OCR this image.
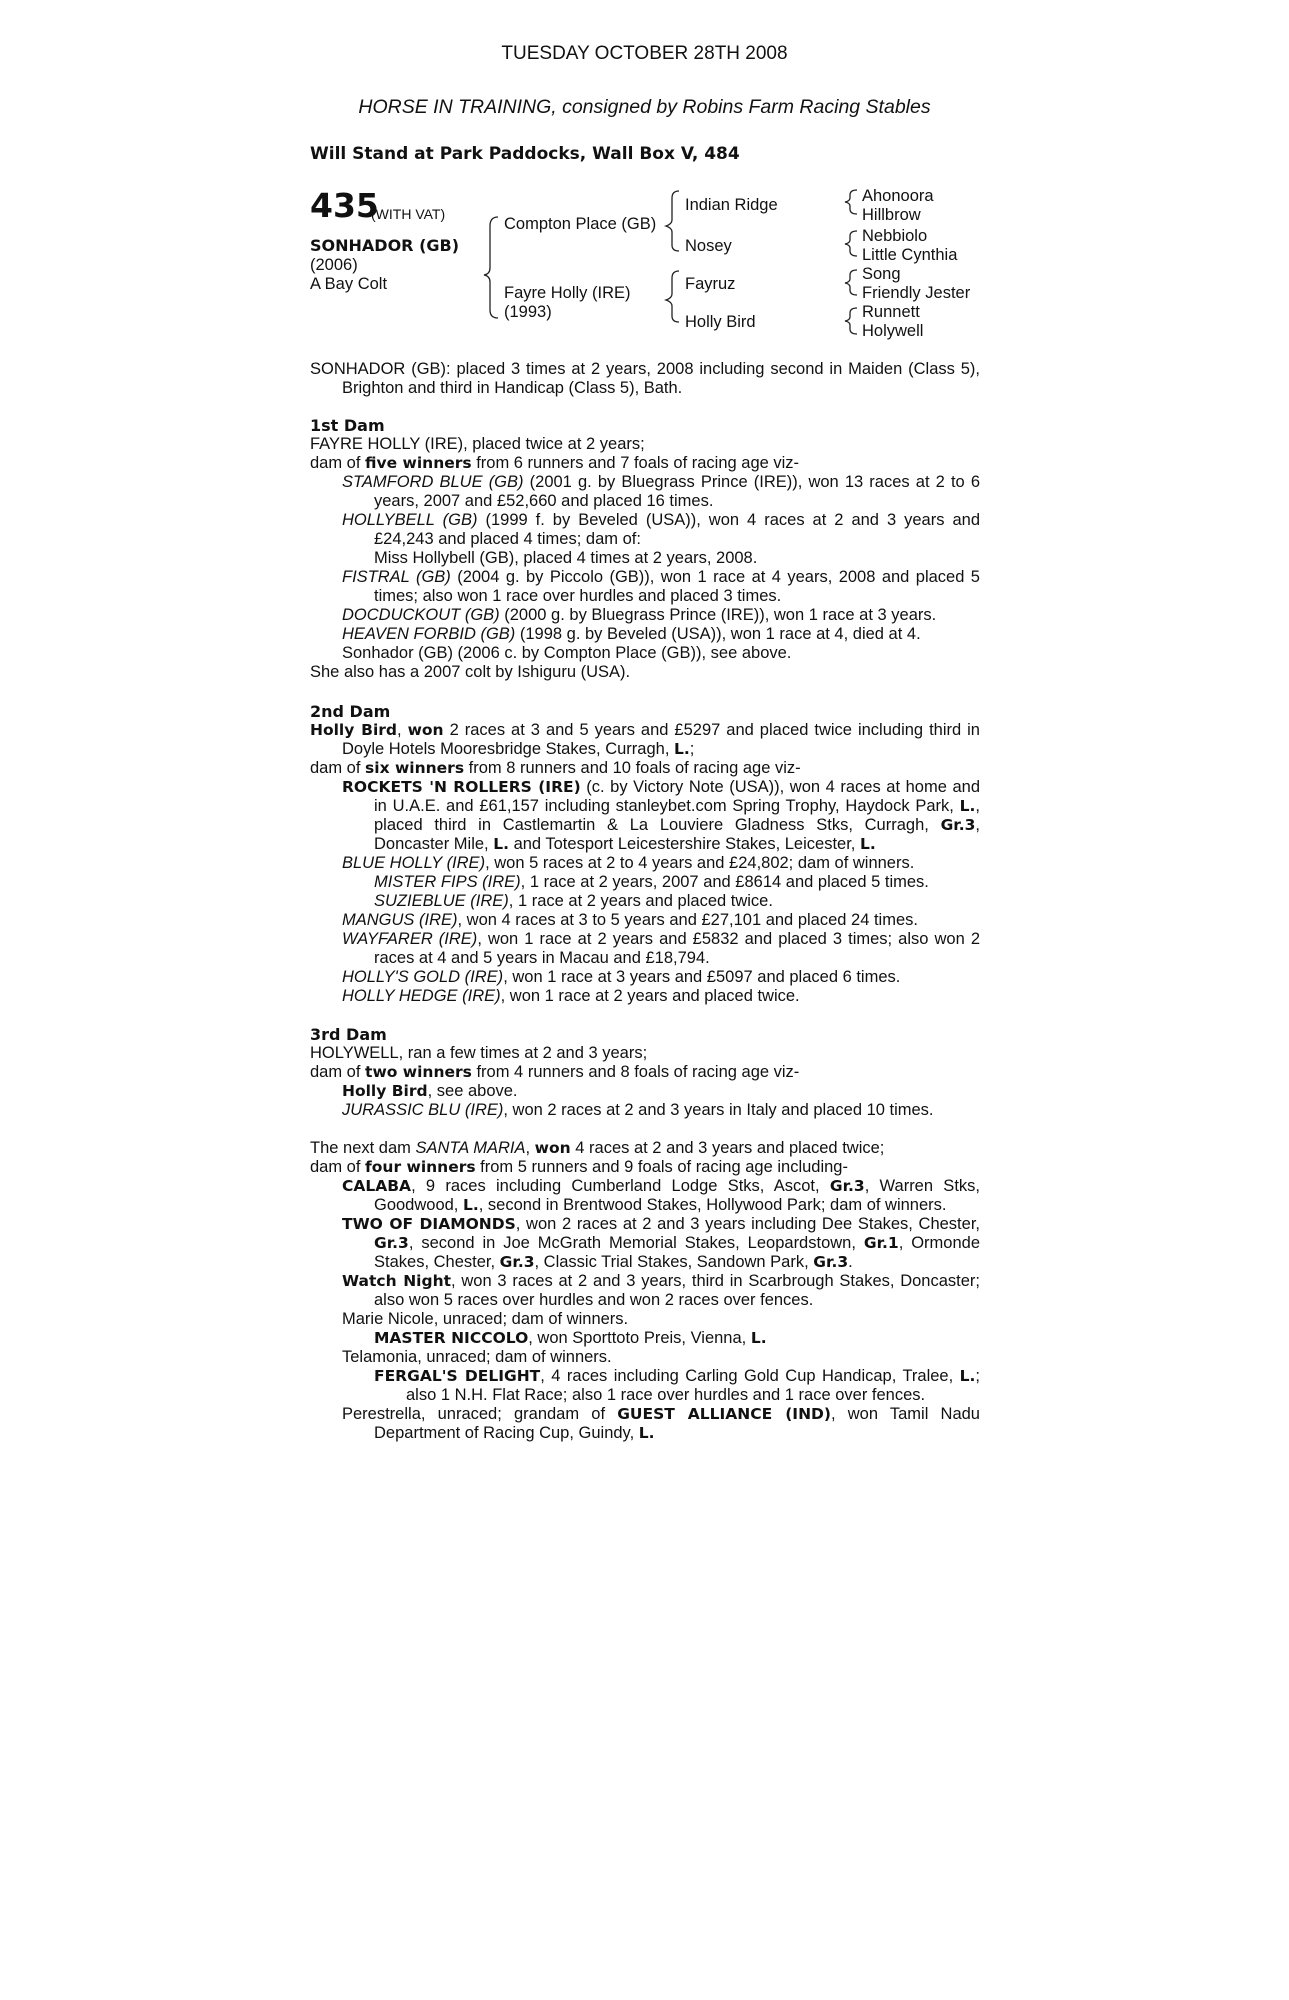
TUESDAY OCTOBER 28TH 2008
HORSE IN TRAINING, consigned by Robins Farm Racing Stables
Will Stand at Park Paddocks, Wall Box V, 484
435
(WITH VAT)
SONHADOR (GB)
(2006)
A Bay Colt
Compton Place (GB)
Fayre Holly (IRE)
(1993)
Indian Ridge
Nosey
Fayruz
Holly Bird
Ahonoora
Hillbrow
Nebbiolo
Little Cynthia
Song
Friendly Jester
Runnett
Holywell

SONHADOR (GB): placed 3 times at 2 years, 2008 including second in Maiden (Class 5), Brighton and third in Handicap (Class 5), Bath.

1st Dam

FAYRE HOLLY (IRE), placed twice at 2 years;

dam of five winners from 6 runners and 7 foals of racing age viz-

STAMFORD BLUE (GB) (2001 g. by Bluegrass Prince (IRE)), won 13 races at 2 to 6 years, 2007 and £52,660 and placed 16 times.

HOLLYBELL (GB) (1999 f. by Beveled (USA)), won 4 races at 2 and 3 years and £24,243 and placed 4 times; dam of:

Miss Hollybell (GB), placed 4 times at 2 years, 2008.

FISTRAL (GB) (2004 g. by Piccolo (GB)), won 1 race at 4 years, 2008 and placed 5 times; also won 1 race over hurdles and placed 3 times.

DOCDUCKOUT (GB) (2000 g. by Bluegrass Prince (IRE)), won 1 race at 3 years.

HEAVEN FORBID (GB) (1998 g. by Beveled (USA)), won 1 race at 4, died at 4.

Sonhador (GB) (2006 c. by Compton Place (GB)), see above.

She also has a 2007 colt by Ishiguru (USA).

2nd Dam

Holly Bird, won 2 races at 3 and 5 years and £5297 and placed twice including third in Doyle Hotels Mooresbridge Stakes, Curragh, L.;

dam of six winners from 8 runners and 10 foals of racing age viz-

ROCKETS 'N ROLLERS (IRE) (c. by Victory Note (USA)), won 4 races at home and in U.A.E. and £61,157 including stanleybet.com Spring Trophy, Haydock Park, L., placed third in Castlemartin & La Louviere Gladness Stks, Curragh, Gr.3, Doncaster Mile, L. and Totesport Leicestershire Stakes, Leicester, L.

BLUE HOLLY (IRE), won 5 races at 2 to 4 years and £24,802; dam of winners.

MISTER FIPS (IRE), 1 race at 2 years, 2007 and £8614 and placed 5 times.

SUZIEBLUE (IRE), 1 race at 2 years and placed twice.

MANGUS (IRE), won 4 races at 3 to 5 years and £27,101 and placed 24 times.

WAYFARER (IRE), won 1 race at 2 years and £5832 and placed 3 times; also won 2 races at 4 and 5 years in Macau and £18,794.

HOLLY'S GOLD (IRE), won 1 race at 3 years and £5097 and placed 6 times.

HOLLY HEDGE (IRE), won 1 race at 2 years and placed twice.

3rd Dam

HOLYWELL, ran a few times at 2 and 3 years;

dam of two winners from 4 runners and 8 foals of racing age viz-

Holly Bird, see above.

JURASSIC BLU (IRE), won 2 races at 2 and 3 years in Italy and placed 10 times.

The next dam SANTA MARIA, won 4 races at 2 and 3 years and placed twice;

dam of four winners from 5 runners and 9 foals of racing age including-

CALABA, 9 races including Cumberland Lodge Stks, Ascot, Gr.3, Warren Stks, Goodwood, L., second in Brentwood Stakes, Hollywood Park; dam of winners.

TWO OF DIAMONDS, won 2 races at 2 and 3 years including Dee Stakes, Chester, Gr.3, second in Joe McGrath Memorial Stakes, Leopardstown, Gr.1, Ormonde Stakes, Chester, Gr.3, Classic Trial Stakes, Sandown Park, Gr.3.

Watch Night, won 3 races at 2 and 3 years, third in Scarbrough Stakes, Doncaster; also won 5 races over hurdles and won 2 races over fences.

Marie Nicole, unraced; dam of winners.

MASTER NICCOLO, won Sporttoto Preis, Vienna, L.

Telamonia, unraced; dam of winners.

FERGAL'S DELIGHT, 4 races including Carling Gold Cup Handicap, Tralee, L.; also 1 N.H. Flat Race; also 1 race over hurdles and 1 race over fences.

Perestrella, unraced; grandam of GUEST ALLIANCE (IND), won Tamil Nadu Department of Racing Cup, Guindy, L.
